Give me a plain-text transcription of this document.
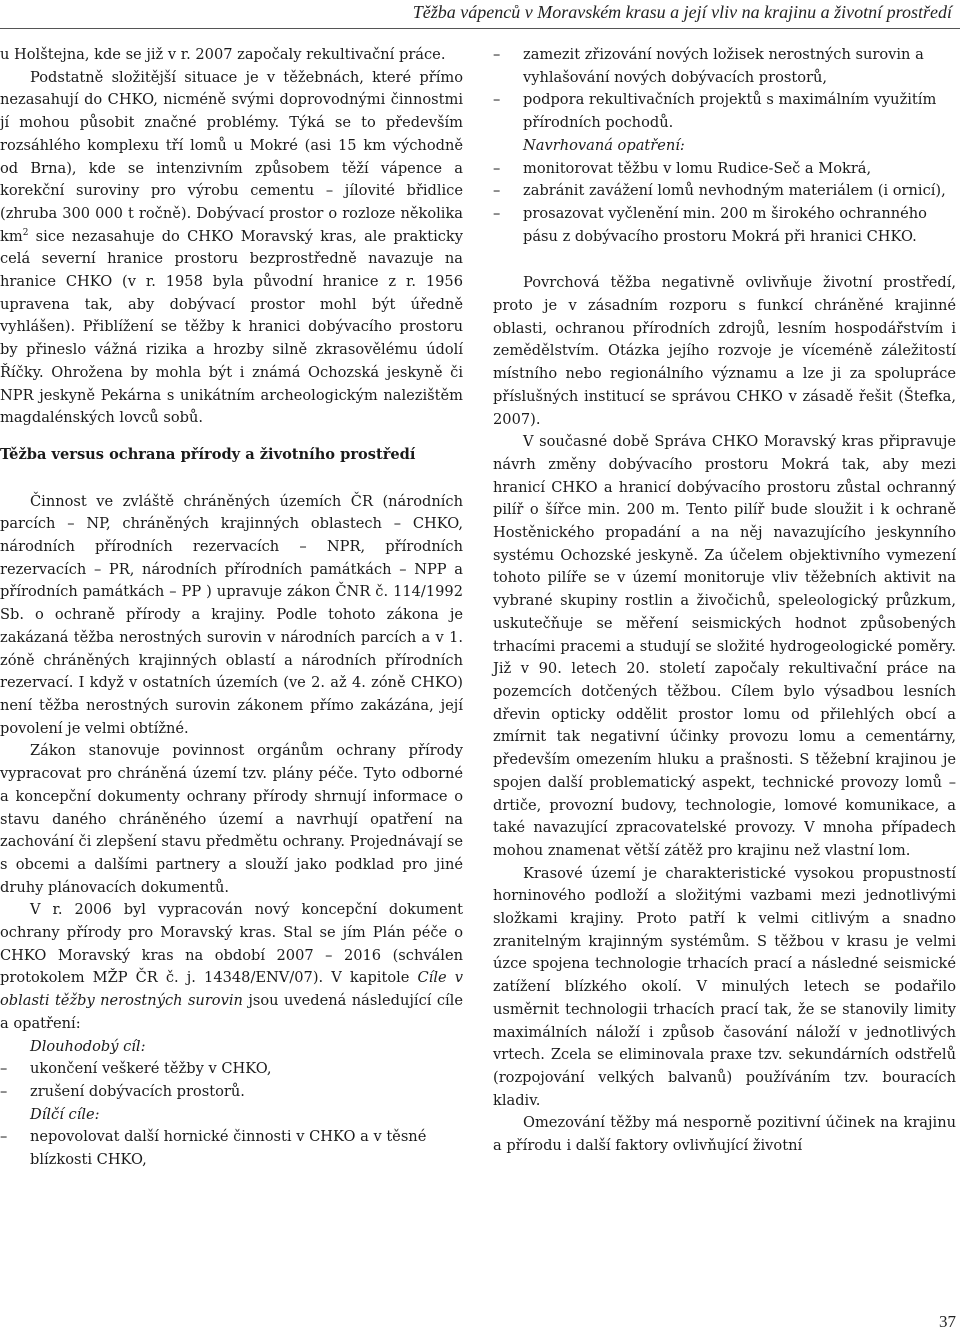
Těžba vápenců v Moravském krasu a její vliv na krajinu a životní prostředí

u Holštejna, kde se již v r. 2007 započaly rekultivační práce.

Podstatně složitější situace je v těžebnách, které přímo nezasahují do CHKO, nicméně svými doprovodnými činnostmi jí mohou působit značné problémy. Týká se to především rozsáhlého komplexu tří lomů u Mokré (asi 15 km východně od Brna), kde se intenzivním způsobem těží vápence a korekční suroviny pro výrobu cementu – jílovité břidlice (zhruba 300 000 t ročně). Dobývací prostor o rozloze několika $km^2$ sice nezasahuje do CHKO Moravský kras, ale prakticky celá severní hranice prostoru bezprostředně navazuje na hranice CHKO (v r. 1958 byla původní hranice z r. 1956 upravena tak, aby dobývací prostor mohl být úředně vyhlášen). Přiblížení se těžby k hranici dobývacího prostoru by přineslo vážná rizika a hrozby silně zkrasovělému údolí Říčky. Ohrožena by mohla být i známá Ochozská jeskyně či NPR jeskyně Pekárna s unikátním archeologickým nalezištěm magdalénských lovců sobů.

Těžba versus ochrana přírody a životního prostředí

Činnost ve zvláště chráněných územích ČR (národních parcích – NP, chráněných krajinných oblastech – CHKO, národních přírodních rezervacích – NPR, přírodních rezervacích – PR, národních přírodních památkách – NPP a přírodních památkách – PP ) upravuje zákon ČNR č. 114/1992 Sb. o ochraně přírody a krajiny. Podle tohoto zákona je zakázaná těžba nerostných surovin v národních parcích a v 1. zóně chráněných krajinných oblastí a národních přírodních rezervací. I když v ostatních územích (ve 2. až 4. zóně CHKO) není těžba nerostných surovin zákonem přímo zakázána, její povolení je velmi obtížné.

Zákon stanovuje povinnost orgánům ochrany přírody vypracovat pro chráněná území tzv. plány péče. Tyto odborné a koncepční dokumenty ochrany přírody shrnují informace o stavu daného chráněného území a navrhují opatření na zachování či zlepšení stavu předmětu ochrany. Projednávají se s obcemi a dalšími partnery a slouží jako podklad pro jiné druhy plánovacích dokumentů.

V r. 2006 byl vypracován nový koncepční dokument ochrany přírody pro Moravský kras. Stal se jím Plán péče o CHKO Moravský kras na období 2007 – 2016 (schválen protokolem MŽP ČR č. j. 14348/ENV/07). V kapitole Cíle v oblasti těžby nerostných surovin jsou uvedená následující cíle a opatření:

Dlouhodobý cíl:
– ukončení veškeré těžby v CHKO,
– zrušení dobývacích prostorů.
Dílčí cíle:
– nepovolovat další hornické činnosti v CHKO a v těsné blízkosti CHKO,
– zamezit zřizování nových ložisek nerostných surovin a vyhlašování nových dobývacích prostorů,
– podpora rekultivačních projektů s maximálním využitím přírodních pochodů.
Navrhovaná opatření:
– monitorovat těžbu v lomu Rudice-Seč a Mokrá,
– zabránit zavážení lomů nevhodným materiálem (i ornicí),
– prosazovat vyčlenění min. 200 m širokého ochranného pásu z dobývacího prostoru Mokrá při hranici CHKO.

Povrchová těžba negativně ovlivňuje životní prostředí, proto je v zásadním rozporu s funkcí chráněné krajinné oblasti, ochranou přírodních zdrojů, lesním hospodářstvím i zemědělstvím. Otázka jejího rozvoje je víceméně záležitostí místního nebo regionálního významu a lze ji za spolupráce příslušných institucí se správou CHKO v zásadě řešit (Štefka, 2007).

V současné době Správa CHKO Moravský kras připravuje návrh změny dobývacího prostoru Mokrá tak, aby mezi hranicí CHKO a hranicí dobývacího prostoru zůstal ochranný pilíř o šířce min. 200 m. Tento pilíř bude sloužit i k ochraně Hostěnického propadání a na něj navazujícího jeskynního systému Ochozské jeskyně. Za účelem objektivního vymezení tohoto pilíře se v území monitoruje vliv těžebních aktivit na vybrané skupiny rostlin a živočichů, speleologický průzkum, uskutečňuje se měření seismických hodnot způsobených trhacími pracemi a studují se složité hydrogeologické poměry. Již v 90. letech 20. století započaly rekultivační práce na pozemcích dotčených těžbou. Cílem bylo výsadbou lesních dřevin opticky oddělit prostor lomu od přilehlých obcí a zmírnit tak negativní účinky provozu lomu a cementárny, především omezením hluku a prašnosti. S těžební krajinou je spojen další problematický aspekt, technické provozy lomů – drtiče, provozní budovy, technologie, lomové komunikace, a také navazující zpracovatelské provozy. V mnoha případech mohou znamenat větší zátěž pro krajinu než vlastní lom.

Krasové území je charakteristické vysokou propustností horninového podloží a složitými vazbami mezi jednotlivými složkami krajiny. Proto patří k velmi citlivým a snadno zranitelným krajinným systémům. S těžbou v krasu je velmi úzce spojena technologie trhacích prací a následné seismické zatížení blízkého okolí. V minulých letech se podařilo usměrnit technologii trhacích prací tak, že se stanovily limity maximálních náloží i způsob časování náloží v jednotlivých vrtech. Zcela se eliminovala praxe tzv. sekundárních odstřelů (rozpojování velkých balvanů) používáním tzv. bouracích kladiv.

Omezování těžby má nesporně pozitivní účinek na krajinu a přírodu i další faktory ovlivňující životní

37
